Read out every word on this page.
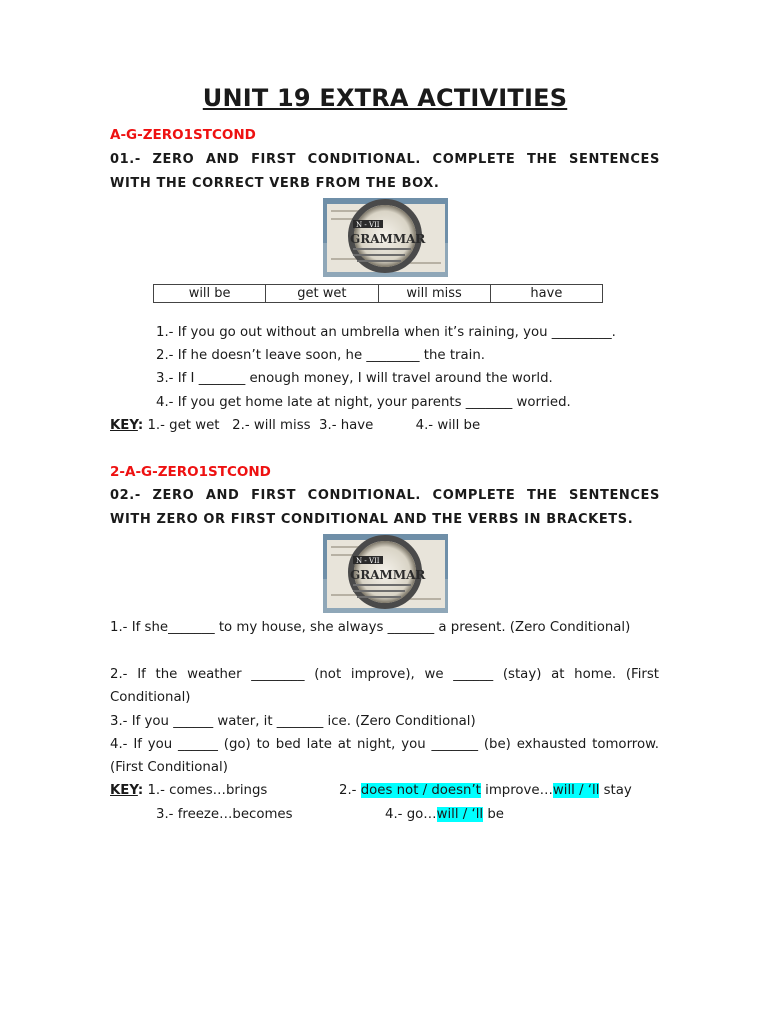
UNIT 19 EXTRA ACTIVITIES
A-G-ZERO1STCOND
01.- ZERO AND FIRST CONDITIONAL. COMPLETE THE SENTENCES
WITH THE CORRECT VERB FROM THE BOX.
N - VII
GRAMMAR
will be	get wet	will miss	have
1.- If you go out without an umbrella when it’s raining, you _________.
2.- If he doesn’t leave soon, he ________ the train.
3.- If I _______ enough money, I will travel around the world.
4.- If you get home late at night, your parents _______ worried.
KEY: 1.- get wet   2.- will miss  3.- have          4.- will be
2-A-G-ZERO1STCOND
02.- ZERO AND FIRST CONDITIONAL. COMPLETE THE SENTENCES
WITH ZERO OR FIRST CONDITIONAL AND THE VERBS IN BRACKETS.
N - VII
GRAMMAR
1.- If she_______ to my house, she always _______ a present. (Zero Conditional)
2.- If the weather ________ (not improve), we ______ (stay) at home. (First Conditional)
3.- If you ______ water, it _______ ice. (Zero Conditional)
4.- If you ______ (go) to bed late at night, you _______ (be) exhausted tomorrow. (First Conditional)
KEY: 1.- comes…brings	2.- does not / doesn’t improve…will / ‘ll stay
3.- freeze…becomes	4.- go…will / ‘ll be
